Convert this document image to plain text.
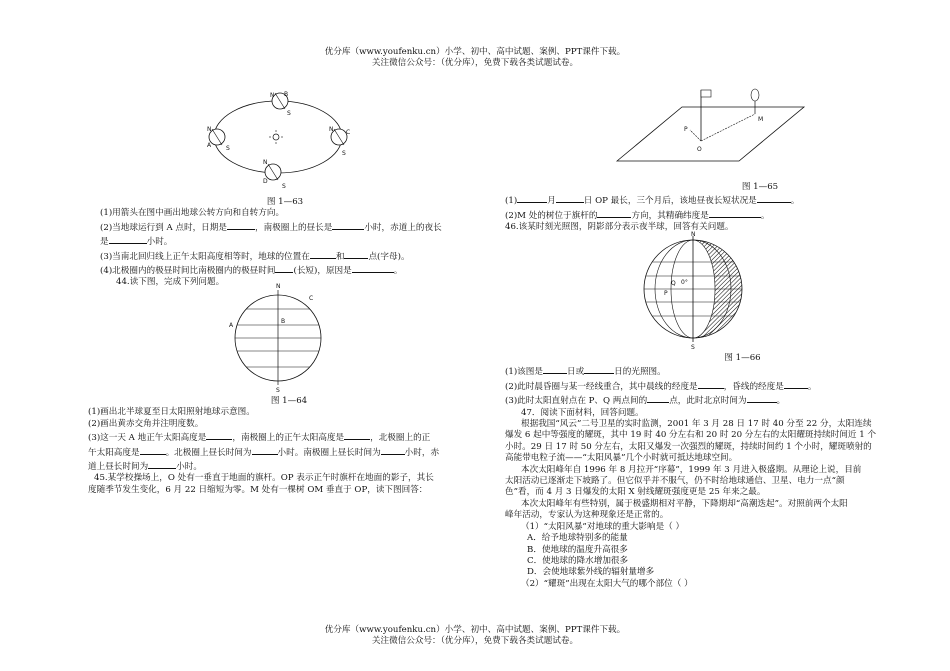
优分库（www.youfenku.cn）小学、初中、高中试题、案例、PPT课件下载。
关注微信公众号：（优分库），免费下载各类试题试卷。
N B
S
N
A S
N C
S
N
D
S
图 1—63
(1)用箭头在图中画出地球公转方向和自转方向。
(2)当地球运行到 A 点时，日期是	，南极圈上的昼长是	小时，赤道上的夜长
是	小时。
(3)当南北回归线上正午太阳高度相等时，地球的位置在	和	点(字母)。
(4)北极圈内的极昼时间比南极圈内的极昼时间 (长短)，原因是	。
44.读下图，完成下列问题。	N
S
A
B
C
图 1—64
(1)画出北半球夏至日太阳照射地球示意图。
(2)画出黄赤交角并注明度数。
(3)这一天 A 地正午太阳高度是	，南极圈上的正午太阳高度是	，北极圈上的正
午太阳高度是	。北极圈上昼长时间为	小时。南极圈上昼长时间为	小时，赤
道上昼长时间为	小时。
45.某学校操场上，O 处有一垂直于地面的旗杆。OP 表示正午时旗杆在地面的影子，其长
度随季节发生变化，6 月 22 日缩短为零。M 处有一棵树 OM 垂直于 OP，读下图回答：
P
O
M
图 1—65
(1)	月	日 OP 最长，三个月后，该地昼夜长短状况是	。
(2)M 处的树位于旗杆的	方向，其精确纬度是	。
46.该某时刻光照图，阴影部分表示夜半球，回答有关问题。
N
S
P
Q 0°
图 1—66
(1)该图是	日或	日的光照图。
(2)此时晨昏圈与某一经线重合，其中晨线的经度是	，昏线的经度是	。
(3)此时太阳直射点在 P、Q 两点间的	点，此时北京时间为	。
47．阅读下面材料，回答问题。
根据我国“风云”二号卫星的实时监测，2001 年 3 月 28 日 17 时 40 分至 22 分，太阳连续
爆发 6 起中等强度的耀斑，其中 19 时 40 分左右和 20 时 20 分左右的太阳耀斑持续时间近 1 个
小时。29 日 17 时 50 分左右，太阳又爆发一次强烈的耀斑，持续时间约 1 个小时，耀斑喷射的
高能带电粒子流——“太阳风暴”几个小时就可抵达地球空间。
本次太阳峰年自 1996 年 8 月拉开“序幕”，1999 年 3 月进入极盛期。从理论上说，目前
太阳活动已逐渐走下坡路了。但它似乎并不服气，仍不时给地球通信、卫星、电力一点“颜
色”看，而 4 月 3 日爆发的太阳 X 射线耀斑强度更是 25 年来之最。
本次太阳峰年有些特别，属于极盛期相对平静，下降期却“高潮迭起”。对照前两个太阳
峰年活动，专家认为这种现象还是正常的。
（1）“太阳风暴”对地球的重大影响是（ ）
A．给予地球特别多的能量
B．使地球的温度升高很多
C．使地球的降水增加很多
D．会使地球紫外线的辐射量增多
（2）“耀斑”出现在太阳大气的哪个部位（ ）
优分库（www.youfenku.cn）小学、初中、高中试题、案例、PPT课件下载。
关注微信公众号：（优分库），免费下载各类试题试卷。
